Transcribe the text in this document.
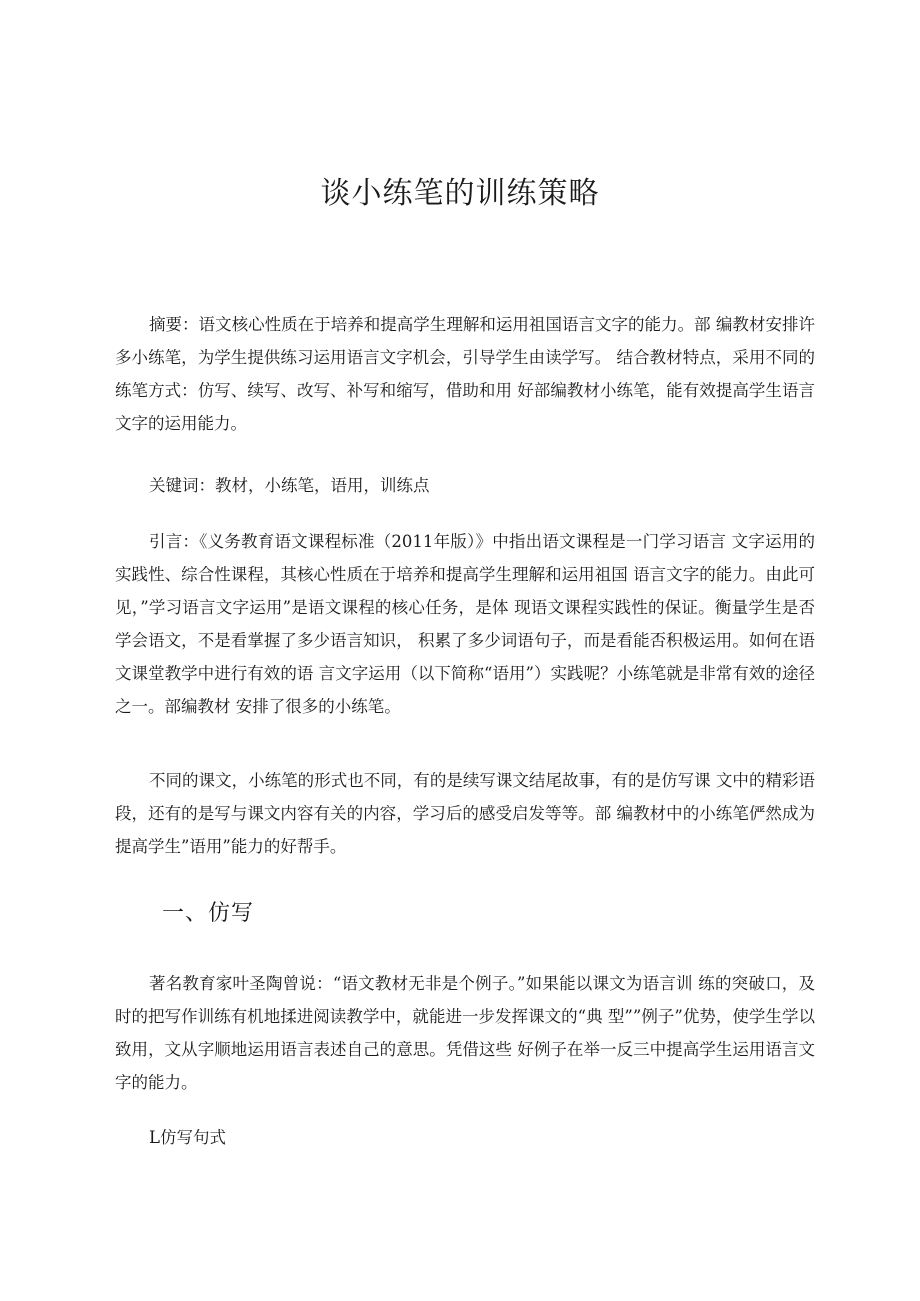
谈小练笔的训练策略

摘要：语文核心性质在于培养和提高学生理解和运用祖国语言文字的能力。部 编教材安排许多小练笔，为学生提供练习运用语言文字机会，引导学生由读学写。 结合教材特点，采用不同的练笔方式：仿写、续写、改写、补写和缩写，借助和用 好部编教材小练笔，能有效提高学生语言文字的运用能力。

关键词：教材，小练笔，语用，训练点

引言：《义务教育语文课程标准（2011年版）》中指出语文课程是一门学习语言 文字运用的实践性、综合性课程，其核心性质在于培养和提高学生理解和运用祖国 语言文字的能力。由此可见，”学习语言文字运用”是语文课程的核心任务，是体 现语文课程实践性的保证。衡量学生是否学会语文，不是看掌握了多少语言知识， 积累了多少词语句子，而是看能否积极运用。如何在语文课堂教学中进行有效的语 言文字运用（以下简称“语用”）实践呢？小练笔就是非常有效的途径之一。部编教材 安排了很多的小练笔。

不同的课文，小练笔的形式也不同，有的是续写课文结尾故事，有的是仿写课 文中的精彩语段，还有的是写与课文内容有关的内容，学习后的感受启发等等。部 编教材中的小练笔俨然成为提高学生”语用”能力的好帮手。

一、仿写

著名教育家叶圣陶曾说：“语文教材无非是个例子。”如果能以课文为语言训 练的突破口，及时的把写作训练有机地揉进阅读教学中，就能进一步发挥课文的“典 型””例子”优势，使学生学以致用，文从字顺地运用语言表述自己的意思。凭借这些 好例子在举一反三中提高学生运用语言文字的能力。

L仿写句式
